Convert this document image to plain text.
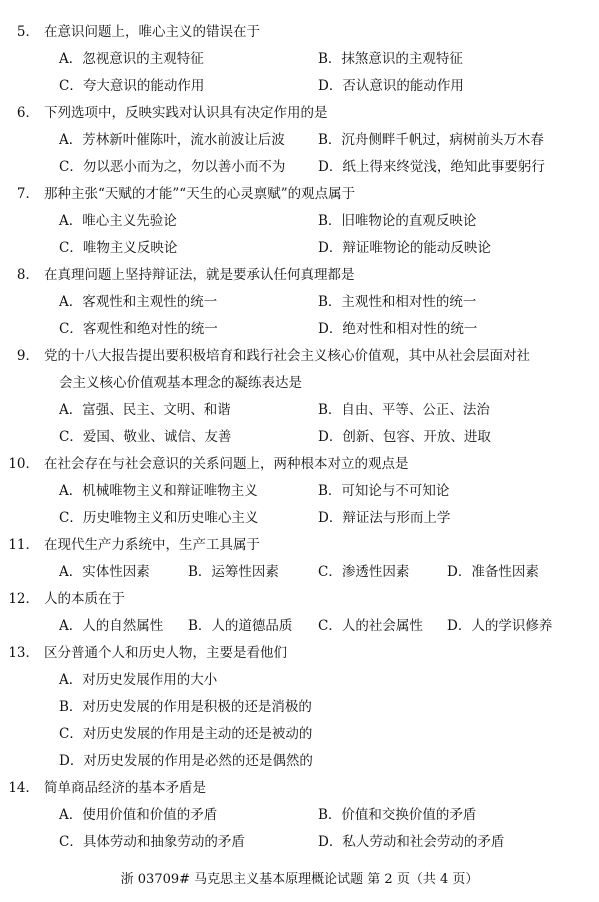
5． 在意识问题上，唯心主义的错误在于
A．忽视意识的主观特征	B．抹煞意识的主观特征
C．夸大意识的能动作用	D．否认意识的能动作用
6． 下列选项中，反映实践对认识具有决定作用的是
A．芳林新叶催陈叶，流水前波让后波 B．沉舟侧畔千帆过，病树前头万木春
C．勿以恶小而为之，勿以善小而不为 D．纸上得来终觉浅，绝知此事要躬行
7． 那种主张“天赋的才能”“天生的心灵禀赋”的观点属于
A．唯心主义先验论	B．旧唯物论的直观反映论
C．唯物主义反映论	D．辩证唯物论的能动反映论
8． 在真理问题上坚持辩证法，就是要承认任何真理都是
A．客观性和主观性的统一	B．主观性和相对性的统一
C．客观性和绝对性的统一	D．绝对性和相对性的统一
9． 党的十八大报告提出要积极培育和践行社会主义核心价值观，其中从社会层面对社
会主义核心价值观基本理念的凝练表达是
A．富强、民主、文明、和谐	B．自由、平等、公正、法治
C．爱国、敬业、诚信、友善	D．创新、包容、开放、进取
10． 在社会存在与社会意识的关系问题上，两种根本对立的观点是
A．机械唯物主义和辩证唯物主义	B．可知论与不可知论
C．历史唯物主义和历史唯心主义	D．辩证法与形而上学
11． 在现代生产力系统中，生产工具属于
A．实体性因素	B．运筹性因素	C．渗透性因素	D．准备性因素
12． 人的本质在于
A．人的自然属性 B．人的道德品质 C．人的社会属性 D．人的学识修养
13． 区分普通个人和历史人物，主要是看他们
A．对历史发展作用的大小
B．对历史发展的作用是积极的还是消极的
C．对历史发展的作用是主动的还是被动的
D．对历史发展的作用是必然的还是偶然的
14． 简单商品经济的基本矛盾是
A．使用价值和价值的矛盾	B．价值和交换价值的矛盾
C．具体劳动和抽象劳动的矛盾	D．私人劳动和社会劳动的矛盾
浙 03709# 马克思主义基本原理概论试题 第 2 页（共 4 页）
